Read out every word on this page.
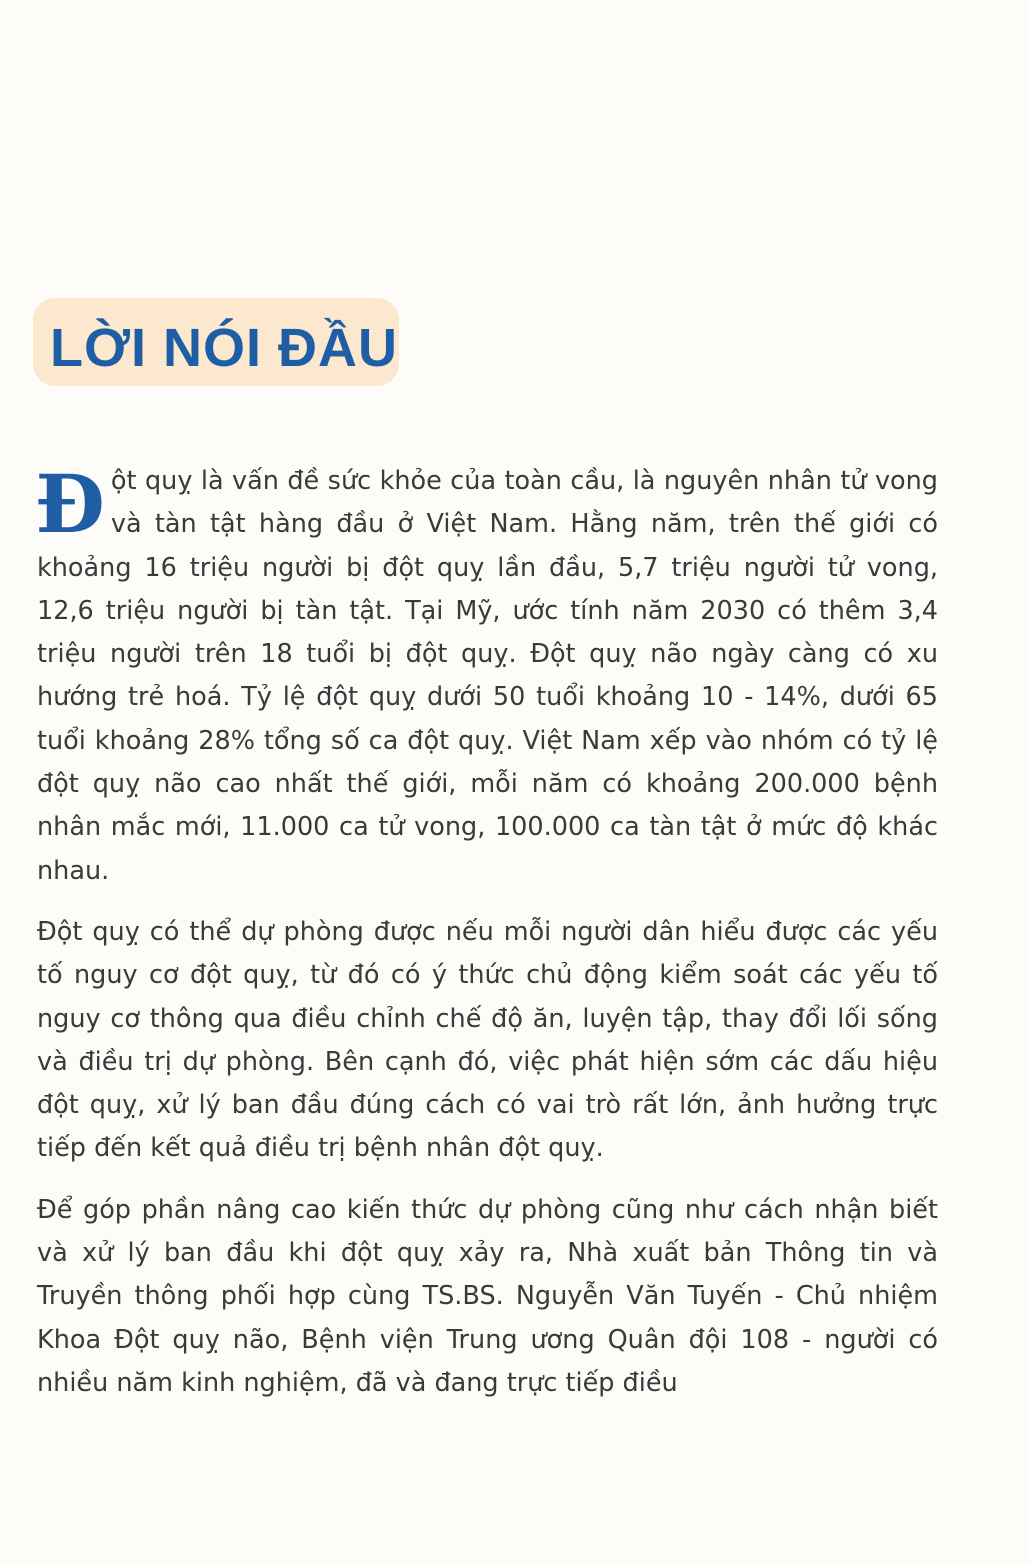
LỜI NÓI ĐẦU

Đột quỵ là vấn đề sức khỏe của toàn cầu, là nguyên nhân tử vong và tàn tật hàng đầu ở Việt Nam. Hằng năm, trên thế giới có khoảng 16 triệu người bị đột quỵ lần đầu, 5,7 triệu người tử vong, 12,6 triệu người bị tàn tật. Tại Mỹ, ước tính năm 2030 có thêm 3,4 triệu người trên 18 tuổi bị đột quỵ. Đột quỵ não ngày càng có xu hướng trẻ hoá. Tỷ lệ đột quỵ dưới 50 tuổi khoảng 10 - 14%, dưới 65 tuổi khoảng 28% tổng số ca đột quỵ. Việt Nam xếp vào nhóm có tỷ lệ đột quỵ não cao nhất thế giới, mỗi năm có khoảng 200.000 bệnh nhân mắc mới, 11.000 ca tử vong, 100.000 ca tàn tật ở mức độ khác nhau.

Đột quỵ có thể dự phòng được nếu mỗi người dân hiểu được các yếu tố nguy cơ đột quỵ, từ đó có ý thức chủ động kiểm soát các yếu tố nguy cơ thông qua điều chỉnh chế độ ăn, luyện tập, thay đổi lối sống và điều trị dự phòng. Bên cạnh đó, việc phát hiện sớm các dấu hiệu đột quỵ, xử lý ban đầu đúng cách có vai trò rất lớn, ảnh hưởng trực tiếp đến kết quả điều trị bệnh nhân đột quỵ.

Để góp phần nâng cao kiến thức dự phòng cũng như cách nhận biết và xử lý ban đầu khi đột quỵ xảy ra, Nhà xuất bản Thông tin và Truyền thông phối hợp cùng TS.BS. Nguyễn Văn Tuyến - Chủ nhiệm Khoa Đột quỵ não, Bệnh viện Trung ương Quân đội 108 - người có nhiều năm kinh nghiệm, đã và đang trực tiếp điều
